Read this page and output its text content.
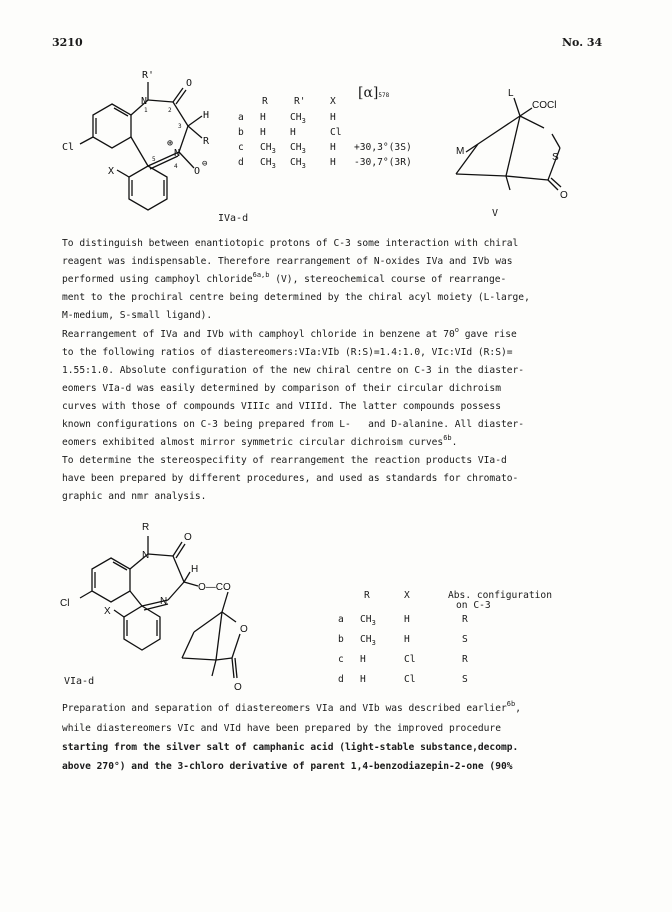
3210	No. 34
R'
N
O
H
R
N
⊕
O
⊖
Cl
X
1	2
3
4
5
IVa-d
R	R'	X
[α]578
a H	$CH_3$	H
b H	H	Cl
c $CH_3$ $CH_3$	H +30,3°(3S)
d $CH_3$ $CH_3$	H -30,7°(3R)
L
COCl
M
S
O
V
To distinguish between enantiotopic protons of C-3 some interaction with chiral
reagent was indispensable. Therefore rearrangement of N-oxides IVa and IVb was
performed using camphoyl chloride$^{6a,b}$ (V), stereochemical course of rearrange-
ment to the prochiral centre being determined by the chiral acyl moiety (L-large,
M-medium, S-small ligand).
Rearrangement of IVa and IVb with camphoyl chloride in benzene at 70$^o$ gave rise
to the following ratios of diastereomers:VIa:VIb (R:S)=1.4:1.0, VIc:VId (R:S)=
1.55:1.0. Absolute configuration of the new chiral centre on C-3 in the diaster-
eomers VIa-d was easily determined by comparison of their circular dichroism
curves with those of compounds VIIIc and VIIId. The latter compounds possess
known configurations on C-3 being prepared from L-   and D-alanine. All diaster-
eomers exhibited almost mirror symmetric circular dichroism curves$^{6b}$.
To determine the stereospecifity of rearrangement the reaction products VIa-d
have been prepared by different procedures, and used as standards for chromato-
graphic and nmr analysis.
R
N
O
H
O—CO
N
Cl
X
O
O
VIa-d
R	X	Abs. configuration
on C-3
a $CH_3$	H	R
b $CH_3$	H	S
c H	Cl	R
d H	Cl	S
Preparation and separation of diastereomers VIa and VIb was described earlier$^{6b}$,
while diastereomers VIc and VId have been prepared by the improved procedure
starting from the silver salt of camphanic acid (light-stable substance,decomp.
above 270°) and the 3-chloro derivative of parent 1,4-benzodiazepin-2-one (90%
